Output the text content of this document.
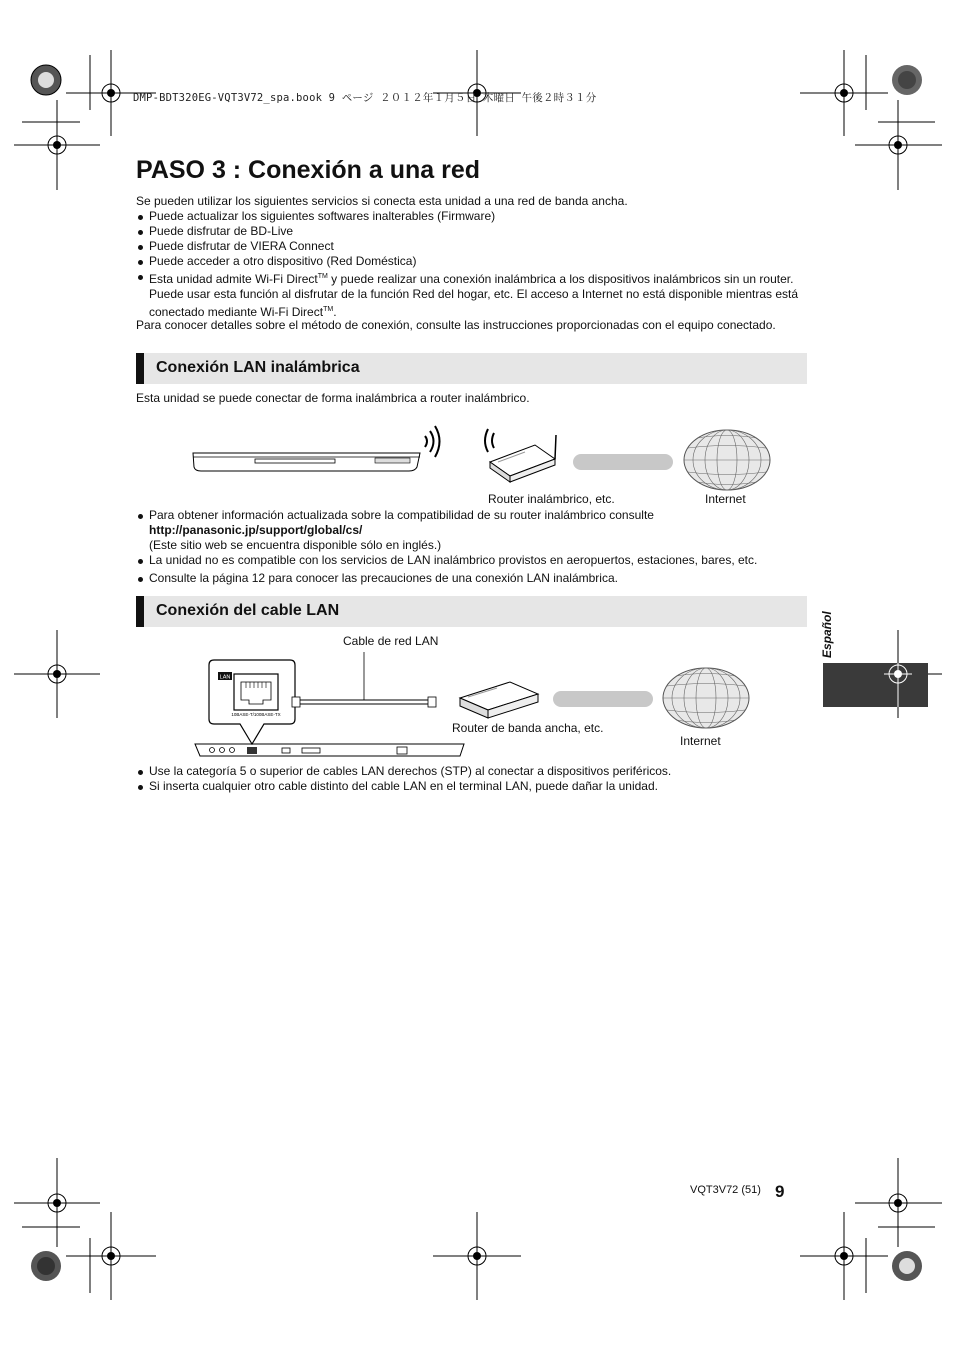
DMP-BDT320EG-VQT3V72_spa.book 9 ページ ２０１２年１月５日 木曜日 午後２時３１分
PASO 3 : Conexión a una red
Se pueden utilizar los siguientes servicios si conecta esta unidad a una red de banda ancha.
Puede actualizar los siguientes softwares inalterables (Firmware)
Puede disfrutar de BD-Live
Puede disfrutar de VIERA Connect
Puede acceder a otro dispositivo (Red Doméstica)
Esta unidad admite Wi-Fi Direct™ y puede realizar una conexión inalámbrica a los dispositivos inalámbricos sin un router. Puede usar esta función al disfrutar de la función Red del hogar, etc. El acceso a Internet no está disponible mientras está conectado mediante Wi-Fi Direct™.
Para conocer detalles sobre el método de conexión, consulte las instrucciones proporcionadas con el equipo conectado.
Conexión LAN inalámbrica
Esta unidad se puede conectar de forma inalámbrica a router inalámbrico.
Router inalámbrico, etc.	Internet
Para obtener información actualizada sobre la compatibilidad de su router inalámbrico consulte
http://panasonic.jp/support/global/cs/
(Este sitio web se encuentra disponible sólo en inglés.)
La unidad no es compatible con los servicios de LAN inalámbrico provistos en aeropuertos, estaciones, bares, etc.
Consulte la página 12 para conocer las precauciones de una conexión LAN inalámbrica.
Conexión del cable LAN
Cable de red LAN
LAN
10BASE-T/100BASE-TX
Router de banda ancha, etc.
Internet
Use la categoría 5 o superior de cables LAN derechos (STP) al conectar a dispositivos periféricos.
Si inserta cualquier otro cable distinto del cable LAN en el terminal LAN, puede dañar la unidad.
Español
VQT3V72 (51) 9
